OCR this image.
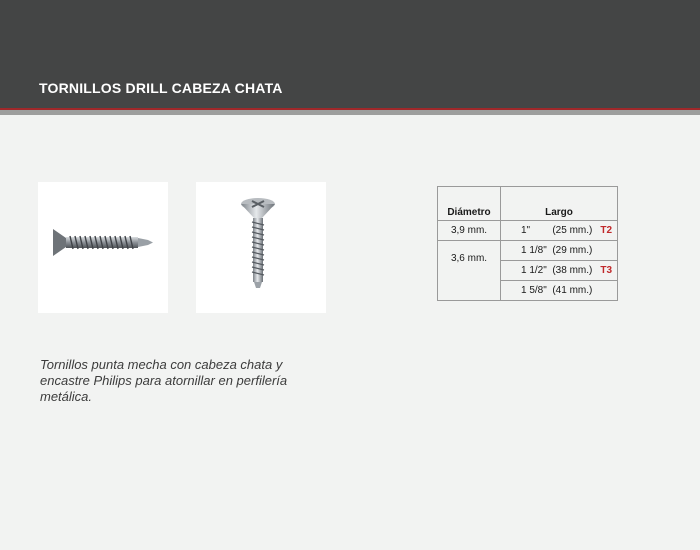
TORNILLOS DRILL CABEZA CHATA
Tornillos punta mecha con cabeza chata y
encastre Philips para atornillar en perfilería
metálica.
Diámetro	Largo
3,9 mm.	1"        (25 mm.) T2
3,6 mm.	1 1/8"  (29 mm.)
	1 1/2"  (38 mm.) T3
	1 5/8"  (41 mm.)
